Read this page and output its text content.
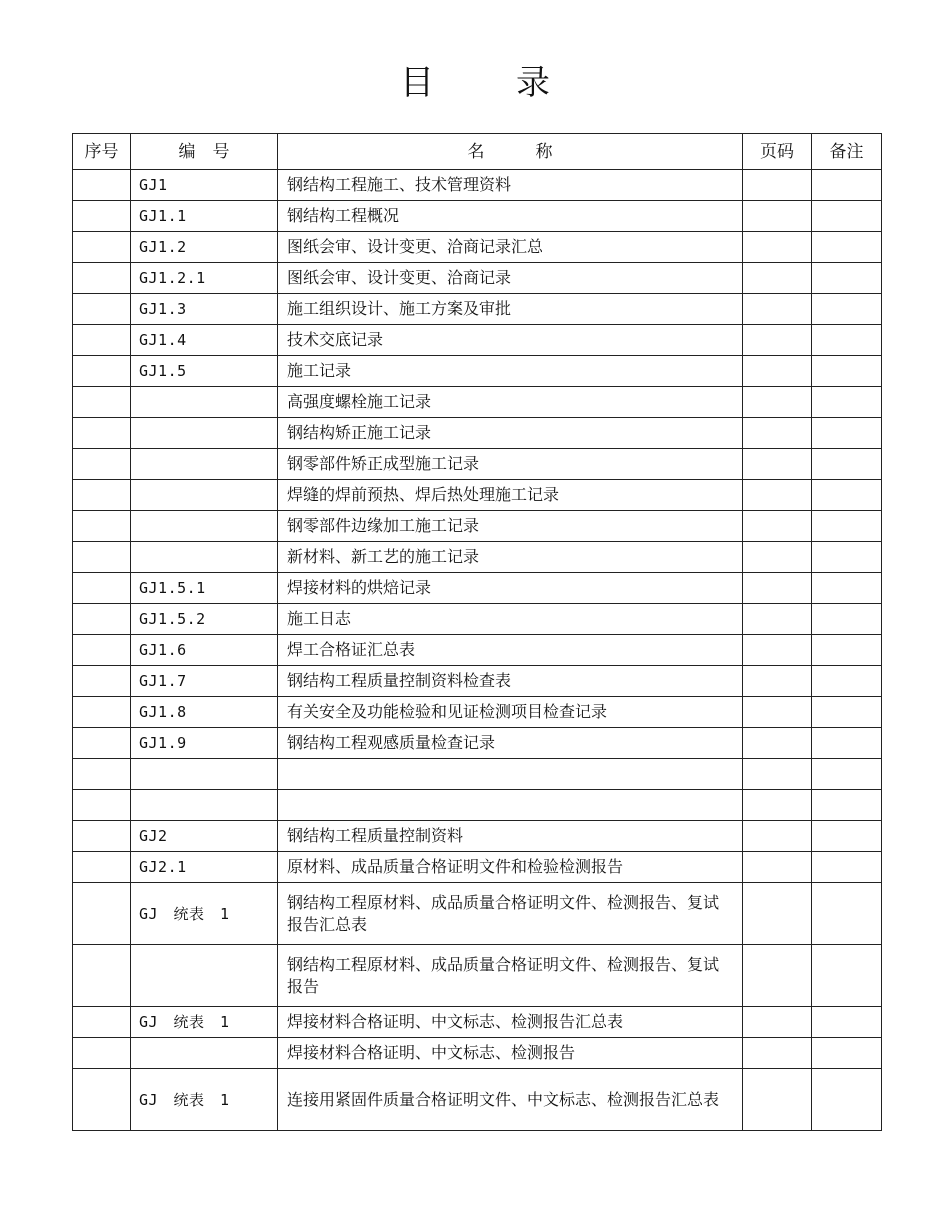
目 录
序号	编　号	名　　　称	页码	备注
	GJ1	钢结构工程施工、技术管理资料		
	GJ1.1	钢结构工程概况		
	GJ1.2	图纸会审、设计变更、洽商记录汇总		
	GJ1.2.1	图纸会审、设计变更、洽商记录		
	GJ1.3	施工组织设计、施工方案及审批		
	GJ1.4	技术交底记录		
	GJ1.5	施工记录		
		高强度螺栓施工记录		
		钢结构矫正施工记录		
		钢零部件矫正成型施工记录		
		焊缝的焊前预热、焊后热处理施工记录		
		钢零部件边缘加工施工记录		
		新材料、新工艺的施工记录		
	GJ1.5.1	焊接材料的烘焙记录		
	GJ1.5.2	施工日志		
	GJ1.6	焊工合格证汇总表		
	GJ1.7	钢结构工程质量控制资料检查表		
	GJ1.8	有关安全及功能检验和见证检测项目检查记录		
	GJ1.9	钢结构工程观感质量检查记录		

	GJ2	钢结构工程质量控制资料		
	GJ2.1	原材料、成品质量合格证明文件和检验检测报告		
	GJ　统表　1	钢结构工程原材料、成品质量合格证明文件、检测报告、复试报告汇总表		
		钢结构工程原材料、成品质量合格证明文件、检测报告、复试报告		
	GJ　统表　1	焊接材料合格证明、中文标志、检测报告汇总表		
		焊接材料合格证明、中文标志、检测报告		
	GJ　统表　1	连接用紧固件质量合格证明文件、中文标志、检测报告汇总表		
